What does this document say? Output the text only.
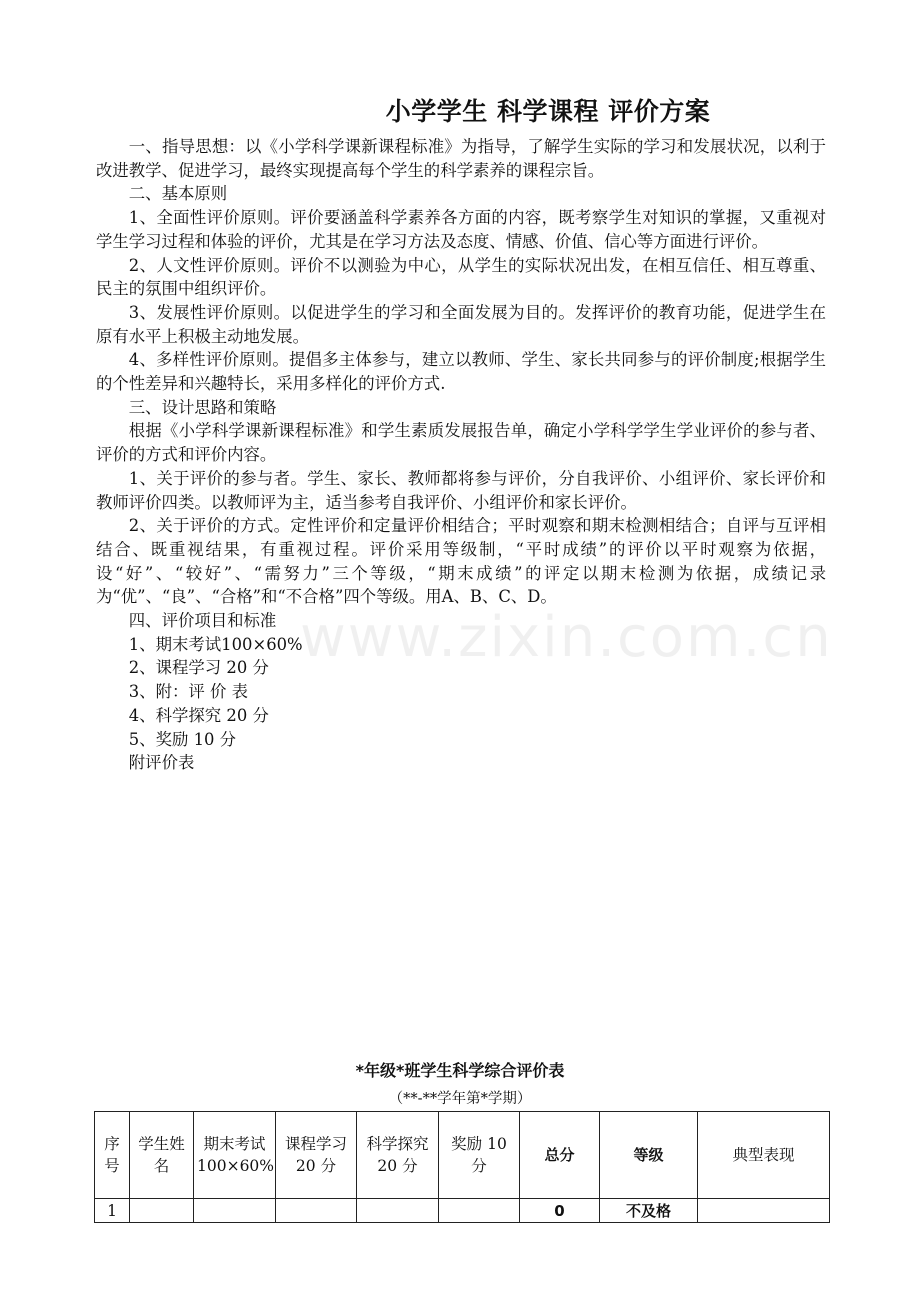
小学学生 科学课程 评价方案

一、指导思想：以《小学科学课新课程标准》为指导，了解学生实际的学习和发展状况，以利于改进教学、促进学习，最终实现提高每个学生的科学素养的课程宗旨。

二、基本原则

1、全面性评价原则。评价要涵盖科学素养各方面的内容，既考察学生对知识的掌握，又重视对学生学习过程和体验的评价，尤其是在学习方法及态度、情感、价值、信心等方面进行评价。

2、人文性评价原则。评价不以测验为中心，从学生的实际状况出发，在相互信任、相互尊重、民主的氛围中组织评价。

3、发展性评价原则。以促进学生的学习和全面发展为目的。发挥评价的教育功能，促进学生在原有水平上积极主动地发展。

4、多样性评价原则。提倡多主体参与，建立以教师、学生、家长共同参与的评价制度;根据学生的个性差异和兴趣特长，采用多样化的评价方式.

三、设计思路和策略

根据《小学科学课新课程标准》和学生素质发展报告单，确定小学科学学生学业评价的参与者、评价的方式和评价内容。

1、关于评价的参与者。学生、家长、教师都将参与评价，分自我评价、小组评价、家长评价和教师评价四类。以教师评为主，适当参考自我评价、小组评价和家长评价。

2、关于评价的方式。定性评价和定量评价相结合；平时观察和期末检测相结合；自评与互评相结合、既重视结果，有重视过程。评价采用等级制，“平时成绩”的评价以平时观察为依据，设“好”、“较好”、“需努力”三个等级，“期末成绩”的评定以期末检测为依据，成绩记录为“优”、“良”、“合格”和“不合格”四个等级。用A、B、C、D。

四、评价项目和标准

1、期末考试100×60%

2、课程学习 20 分

3、附：评 价 表

4、科学探究 20 分

5、奖励 10 分

附评价表

www.zixin.com.cn
*年级*班学生科学综合评价表
（**-**学年第*学期）
序号	学生姓名	期末考试 100×60%	课程学习 20 分	科学探究 20 分	奖励 10 分	总分	等级	典型表现
1						0	不及格	
